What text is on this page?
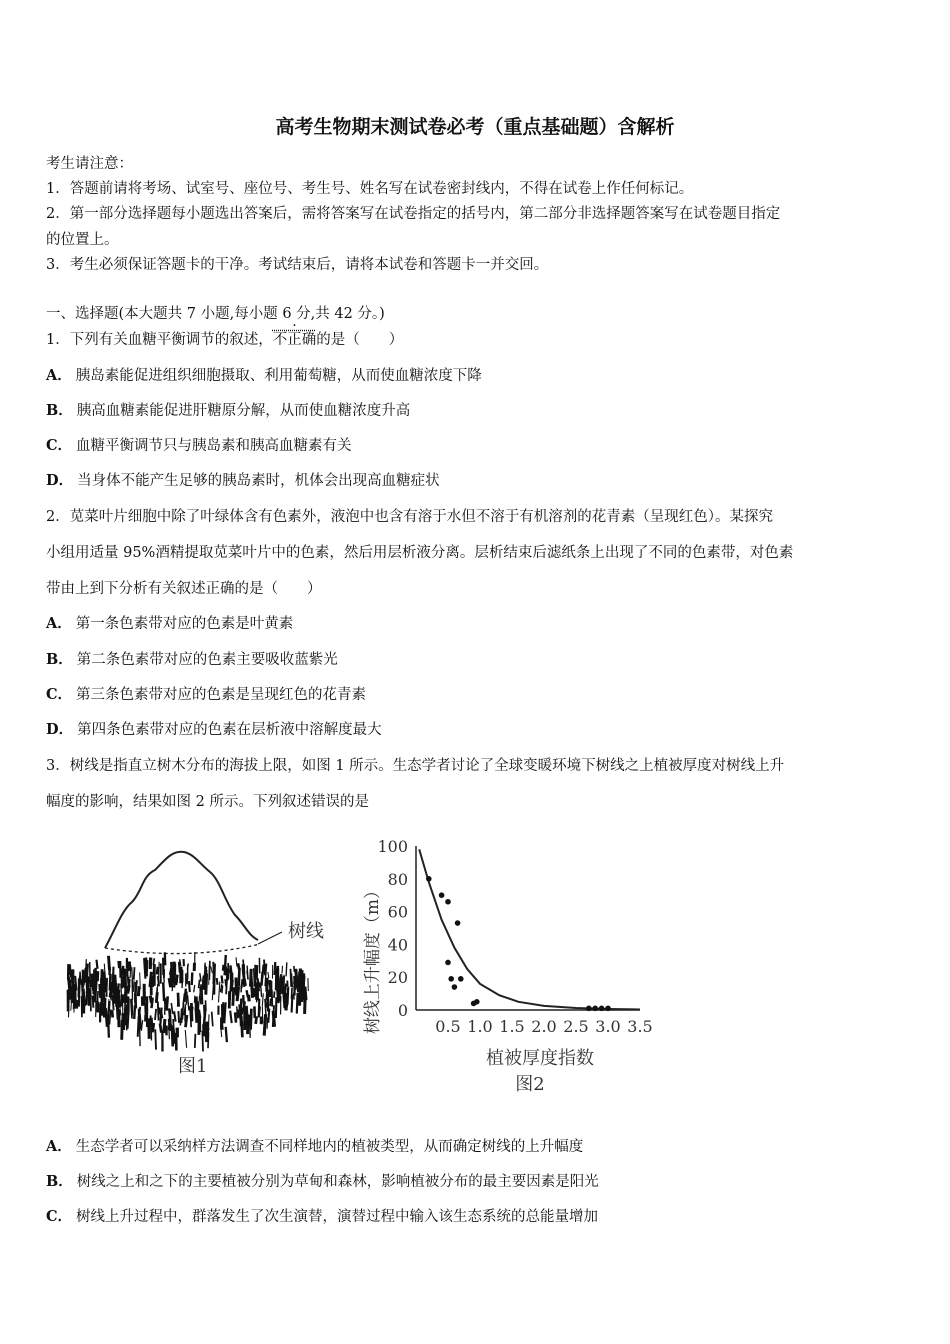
高考生物期末测试卷必考（重点基础题）含解析
考生请注意：
1．答题前请将考场、试室号、座位号、考生号、姓名写在试卷密封线内，不得在试卷上作任何标记。
2．第一部分选择题每小题选出答案后，需将答案写在试卷指定的括号内，第二部分非选择题答案写在试卷题目指定
的位置上。
3．考生必须保证答题卡的干净。考试结束后，请将本试卷和答题卡一并交回。
一、选择题(本大题共 7 小题,每小题 6 分,共 42 分。)
1．下列有关血糖平衡调节的叙述，不正确的是（　　）
A． 胰岛素能促进组织细胞摄取、利用葡萄糖，从而使血糖浓度下降
B． 胰高血糖素能促进肝糖原分解，从而使血糖浓度升高
C． 血糖平衡调节只与胰岛素和胰高血糖素有关
D． 当身体不能产生足够的胰岛素时，机体会出现高血糖症状
2．苋菜叶片细胞中除了叶绿体含有色素外，液泡中也含有溶于水但不溶于有机溶剂的花青素（呈现红色）。某探究
小组用适量 95%酒精提取苋菜叶片中的色素，然后用层析液分离。层析结束后滤纸条上出现了不同的色素带，对色素
带由上到下分析有关叙述正确的是（　　）
A． 第一条色素带对应的色素是叶黄素
B． 第二条色素带对应的色素主要吸收蓝紫光
C． 第三条色素带对应的色素是呈现红色的花青素
D． 第四条色素带对应的色素在层析液中溶解度最大
3．树线是指直立树木分布的海拔上限，如图 1 所示。生态学者讨论了全球变暖环境下树线之上植被厚度对树线上升
幅度的影响，结果如图 2 所示。下列叙述错误的是
树线
图1
0
20
40
60
80
100
0.5 1.0 1.5 2.0 2.5 3.0 3.5
树线上升幅度（m）
植被厚度指数
图2
A． 生态学者可以采纳样方法调查不同样地内的植被类型，从而确定树线的上升幅度
B． 树线之上和之下的主要植被分别为草甸和森林，影响植被分布的最主要因素是阳光
C． 树线上升过程中，群落发生了次生演替，演替过程中输入该生态系统的总能量增加
